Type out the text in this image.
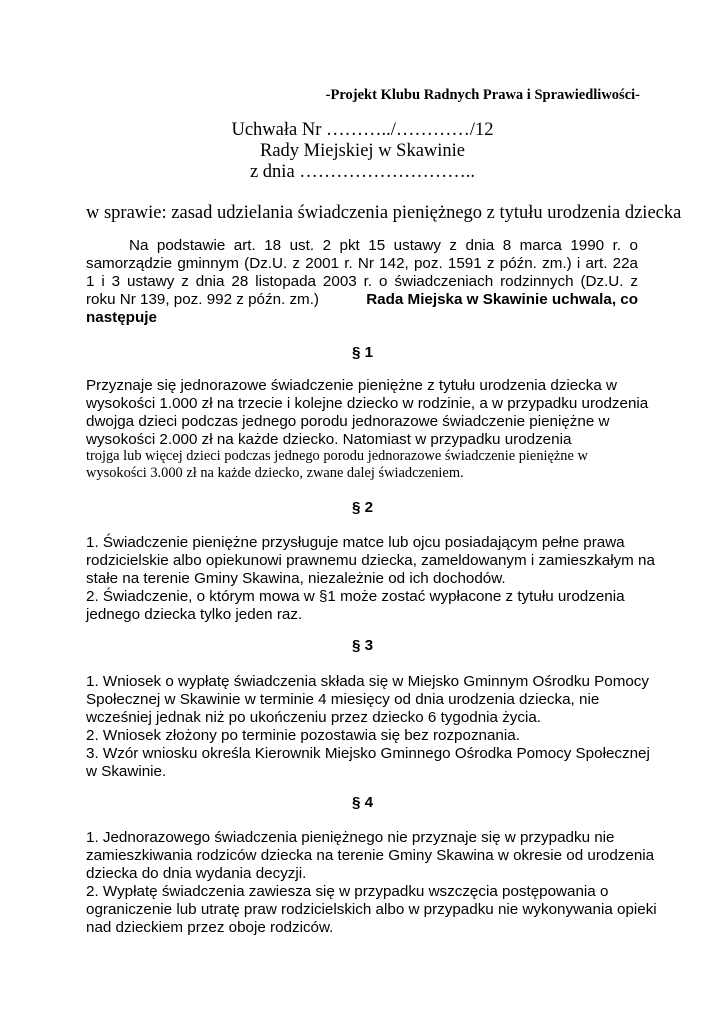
-Projekt Klubu Radnych Prawa i Sprawiedliwości-
Uchwała Nr ………../…………/12
Rady Miejskiej w Skawinie
z dnia ………………………..
w sprawie: zasad udzielania świadczenia pieniężnego z tytułu urodzenia dziecka
Na podstawie art. 18 ust. 2 pkt 15 ustawy z dnia 8 marca 1990 r. o
samorządzie gminnym (Dz.U. z 2001 r. Nr 142, poz. 1591 z późn. zm.) i art. 22a
1 i 3 ustawy z dnia 28 listopada 2003 r. o świadczeniach rodzinnych (Dz.U. z
roku Nr 139, poz. 992 z późn. zm.)	Rada Miejska w Skawinie uchwala, co
następuje
§ 1
Przyznaje się jednorazowe świadczenie pieniężne z tytułu urodzenia dziecka w
wysokości 1.000 zł na trzecie i kolejne dziecko w rodzinie, a w przypadku urodzenia
dwojga dzieci podczas jednego porodu jednorazowe świadczenie pieniężne w
wysokości 2.000 zł na każde dziecko. Natomiast w przypadku urodzenia
trojga lub więcej dzieci podczas jednego porodu jednorazowe świadczenie pieniężne w
wysokości 3.000 zł na każde dziecko, zwane dalej świadczeniem.
§ 2
1. Świadczenie pieniężne przysługuje matce lub ojcu posiadającym pełne prawa
rodzicielskie albo opiekunowi prawnemu dziecka, zameldowanym i zamieszkałym na
stałe na terenie Gminy Skawina, niezależnie od ich dochodów.
2. Świadczenie, o którym mowa w §1 może zostać wypłacone z tytułu urodzenia
jednego dziecka tylko jeden raz.
§ 3
1. Wniosek o wypłatę świadczenia składa się w Miejsko Gminnym Ośrodku Pomocy
Społecznej w Skawinie w terminie 4 miesięcy od dnia urodzenia dziecka, nie
wcześniej jednak niż po ukończeniu przez dziecko 6 tygodnia życia.
2. Wniosek złożony po terminie pozostawia się bez rozpoznania.
3. Wzór wniosku określa Kierownik Miejsko Gminnego Ośrodka Pomocy Społecznej
w Skawinie.
§ 4
1. Jednorazowego świadczenia pieniężnego nie przyznaje się w przypadku nie
zamieszkiwania rodziców dziecka na terenie Gminy Skawina w okresie od urodzenia
dziecka do dnia wydania decyzji.
2. Wypłatę świadczenia zawiesza się w przypadku wszczęcia postępowania o
ograniczenie lub utratę praw rodzicielskich albo w przypadku nie wykonywania opieki
nad dzieckiem przez oboje rodziców.
